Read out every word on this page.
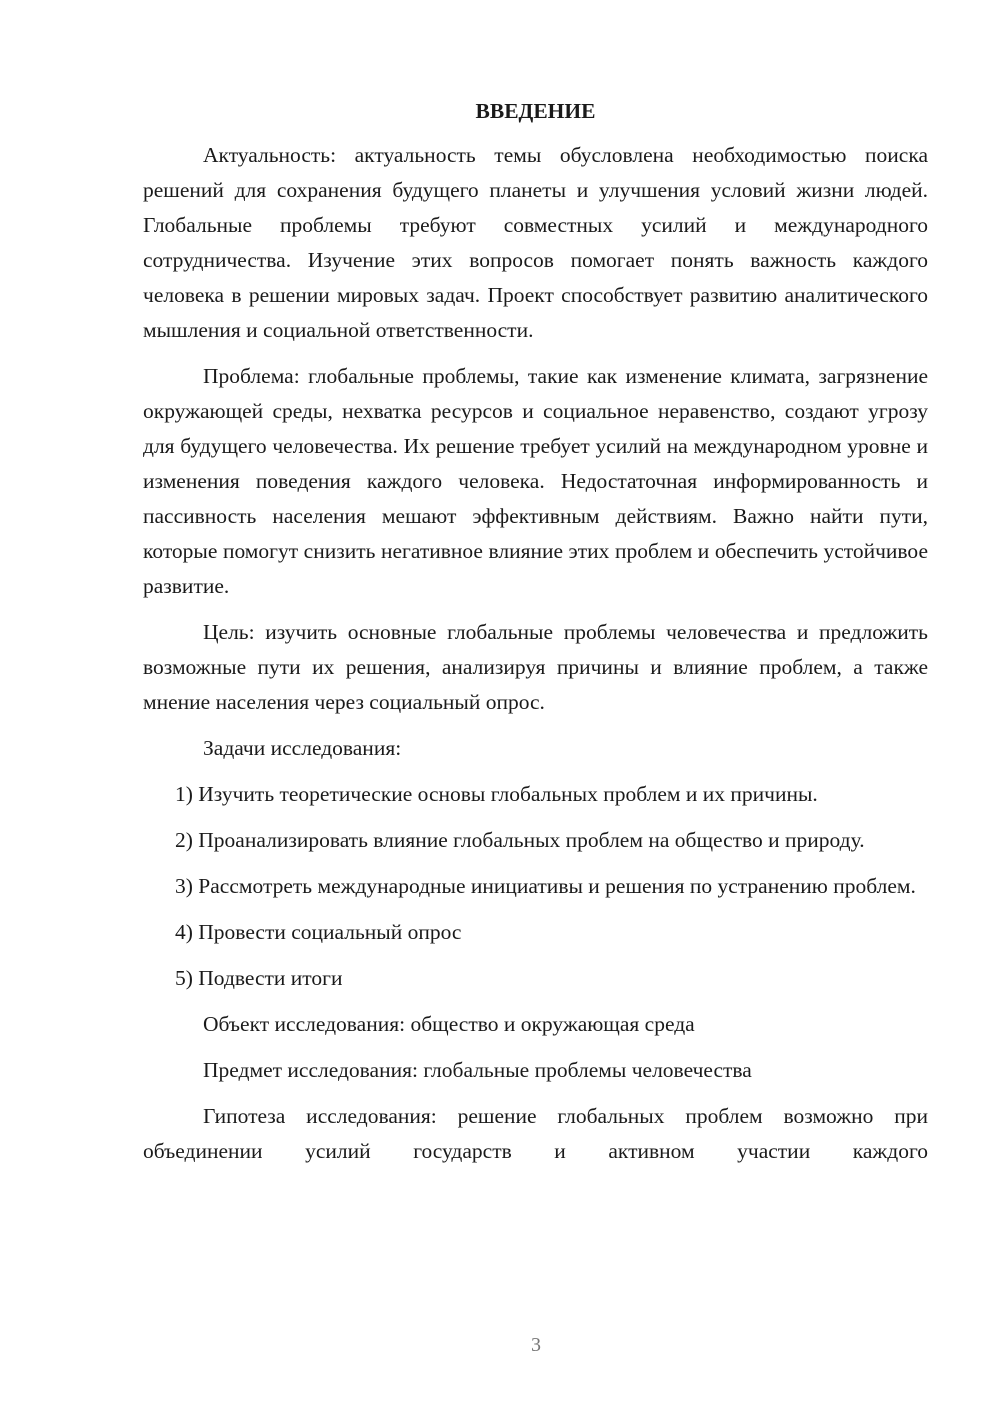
ВВЕДЕНИЕ

Актуальность: актуальность темы обусловлена необходимостью поиска решений для сохранения будущего планеты и улучшения условий жизни людей. Глобальные проблемы требуют совместных усилий и международного сотрудничества. Изучение этих вопросов помогает понять важность каждого человека в решении мировых задач. Проект способствует развитию аналитического мышления и социальной ответственности.

Проблема: глобальные проблемы, такие как изменение климата, загрязнение окружающей среды, нехватка ресурсов и социальное неравенство, создают угрозу для будущего человечества. Их решение требует усилий на международном уровне и изменения поведения каждого человека. Недостаточная информированность и пассивность населения мешают эффективным действиям. Важно найти пути, которые помогут снизить негативное влияние этих проблем и обеспечить устойчивое развитие.

Цель: изучить основные глобальные проблемы человечества и предложить возможные пути их решения, анализируя причины и влияние проблем, а также мнение населения через социальный опрос.

Задачи исследования:

1) Изучить теоретические основы глобальных проблем и их причины.

2) Проанализировать влияние глобальных проблем на общество и природу.

3) Рассмотреть международные инициативы и решения по устранению проблем.

4) Провести социальный опрос

5) Подвести итоги

Объект исследования: общество и окружающая среда

Предмет исследования: глобальные проблемы человечества

Гипотеза исследования: решение глобальных проблем возможно при объединении усилий государств и активном участии каждого

3
